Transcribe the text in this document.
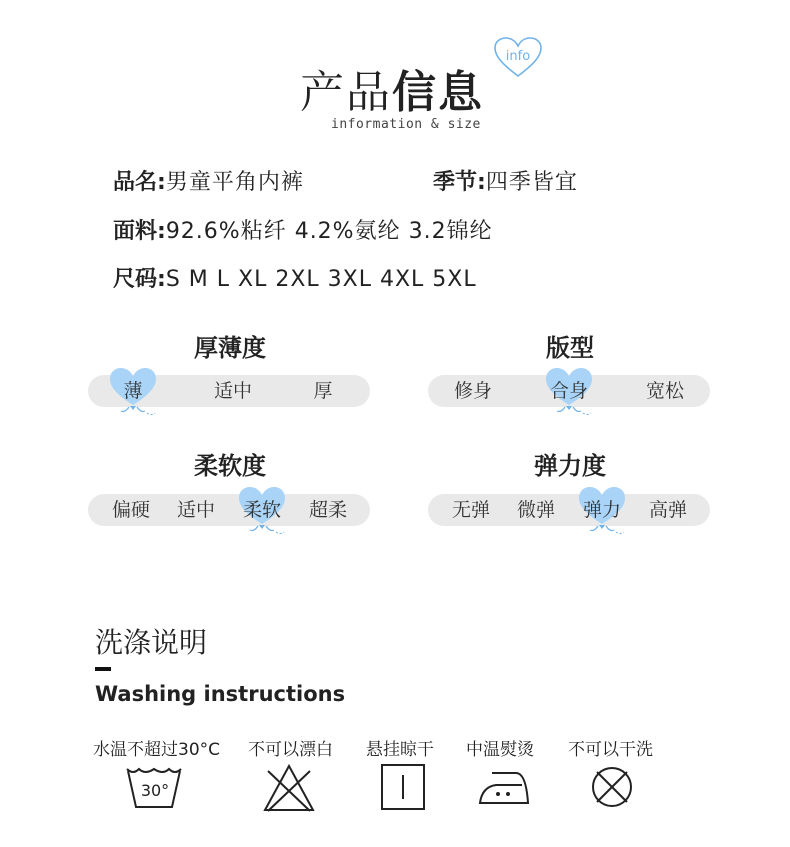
产品信息
info
information & size
品名:男童平角内裤	季节:四季皆宜
面料:92.6%粘纤 4.2%氨纶 3.2锦纶
尺码:S M L XL 2XL 3XL 4XL 5XL
厚薄度
薄	适中	厚
版型
修身	合身	宽松
柔软度
偏硬	适中	柔软	超柔
弹力度
无弹	微弹	弹力	高弹
洗涤说明
Washing instructions
水温不超过30°C 不可以漂白 悬挂晾干 中温熨烫 不可以干洗
30°
